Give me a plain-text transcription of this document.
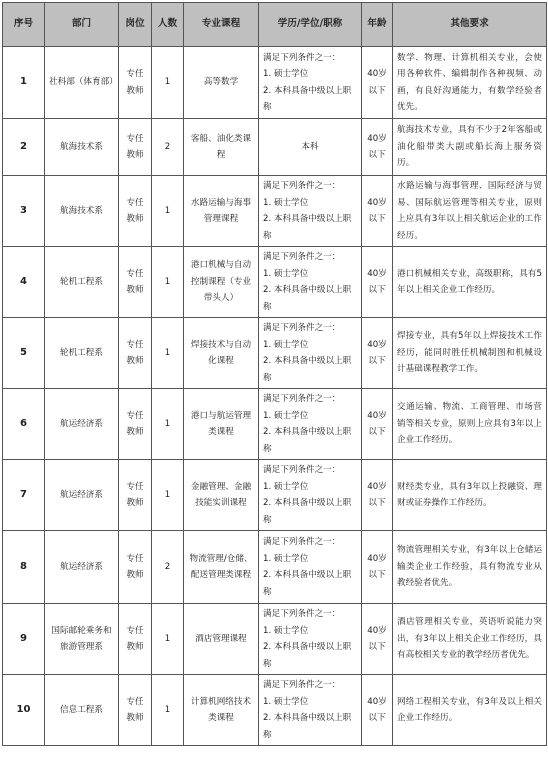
序号	部门	岗位	人数	专业课程	学历/学位/职称	年龄	其他要求
1	社科部（体育部）	专任教师	1	高等数学	满足下列条件之一：
1. 硕士学位
2. 本科具备中级以上职称	40岁以下	数学、物理、计算机相关专业，会使用各种软件、编辑制作各种视频、动画，有良好沟通能力，有数学经验者优先。
2	航海技术系	专任教师	2	客船、油化类课程	本科	40岁以下	航海技术专业，具有不少于2年客船或油化船带类大副或船长海上服务资历。
3	航海技术系	专任教师	1	水路运输与海事管理课程	满足下列条件之一：
1. 硕士学位
2. 本科具备中级以上职称	40岁以下	水路运输与海事管理、国际经济与贸易、国际航运管理等相关专业，原则上应具有3年以上相关航运企业的工作经历。
4	轮机工程系	专任教师	1	港口机械与自动控制课程（专业带头人）	满足下列条件之一：
1. 硕士学位
2. 本科具备中级以上职称	40岁以下	港口机械相关专业，高级职称，具有5年以上相关企业工作经历。
5	轮机工程系	专任教师	1	焊接技术与自动化课程	满足下列条件之一：
1. 硕士学位
2. 本科具备中级以上职称	40岁以下	焊接专业，具有5年以上焊接技术工作经历，能同时胜任机械制图和机械设计基础课程教学工作。
6	航运经济系	专任教师	1	港口与航运管理类课程	满足下列条件之一：
1. 硕士学位
2. 本科具备中级以上职称	40岁以下	交通运输、物流、工商管理、市场营销等相关专业，原则上应具有3年以上企业工作经历。
7	航运经济系	专任教师	1	金融管理、金融技能实训课程	满足下列条件之一：
1. 硕士学位
2. 本科具备中级以上职称	40岁以下	财经类专业，具有3年以上投融资、理财或证券操作工作经历。
8	航运经济系	专任教师	2	物流管理/仓储、配送管理类课程	满足下列条件之一：
1. 硕士学位
2. 本科具备中级以上职称	40岁以下	物流管理相关专业，有3年以上仓储运输类企业工作经验，具有物流专业从教经验者优先。
9	国际邮轮乘务和旅游管理系	专任教师	1	酒店管理课程	满足下列条件之一：
1. 硕士学位
2. 本科具备中级以上职称	40岁以下	酒店管理相关专业，英语听说能力突出，有3年以上相关企业工作经历，具有高校相关专业的教学经历者优先。
10	信息工程系	专任教师	1	计算机网络技术类课程	满足下列条件之一：
1. 硕士学位
2. 本科具备中级以上职称	40岁以下	网络工程相关专业，有3年及以上相关企业工作经历。
